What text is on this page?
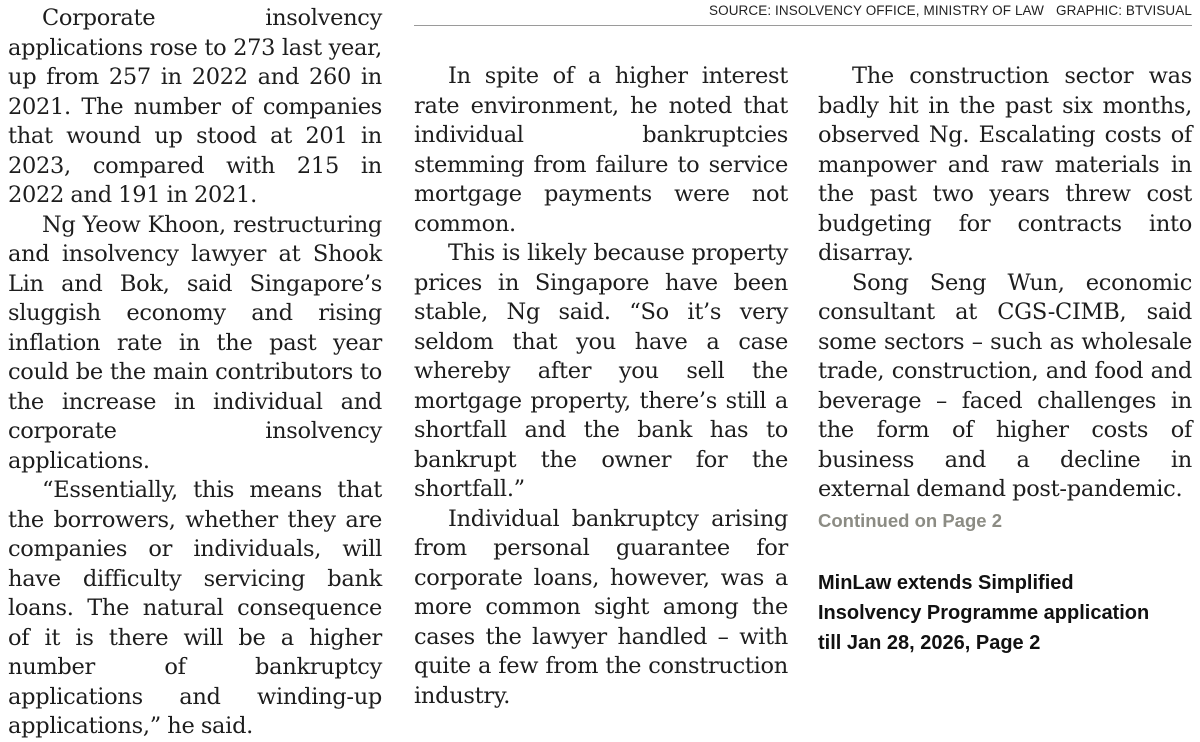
SOURCE: INSOLVENCY OFFICE, MINISTRY OF LAW GRAPHIC: BTVISUAL

Corporate insolvency applications rose to 273 last year, up from 257 in 2022 and 260 in 2021. The number of companies that wound up stood at 201 in 2023, compared with 215 in 2022 and 191 in 2021.

Ng Yeow Khoon, restructuring and insolvency lawyer at Shook Lin and Bok, said Singapore’s sluggish economy and rising inflation rate in the past year could be the main contributors to the increase in individual and corporate insolvency applications.

“Essentially, this means that the borrowers, whether they are companies or individuals, will have difficulty servicing bank loans. The natural consequence of it is there will be a higher number of bankruptcy applications and winding-up applications,” he said.

In spite of a higher interest rate environment, he noted that individual bankruptcies stemming from failure to service mortgage payments were not common.

This is likely because property prices in Singapore have been stable, Ng said. “So it’s very seldom that you have a case whereby after you sell the mortgage property, there’s still a shortfall and the bank has to bankrupt the owner for the shortfall.”

Individual bankruptcy arising from personal guarantee for corporate loans, however, was a more common sight among the cases the lawyer handled – with quite a few from the construction industry.

The construction sector was badly hit in the past six months, observed Ng. Escalating costs of manpower and raw materials in the past two years threw cost budgeting for contracts into disarray.

Song Seng Wun, economic consultant at CGS-CIMB, said some sectors – such as wholesale trade, construction, and food and beverage – faced challenges in the form of higher costs of business and a decline in external demand post-pandemic.

Continued on Page 2
MinLaw extends Simplified
Insolvency Programme application
till Jan 28, 2026, Page 2
